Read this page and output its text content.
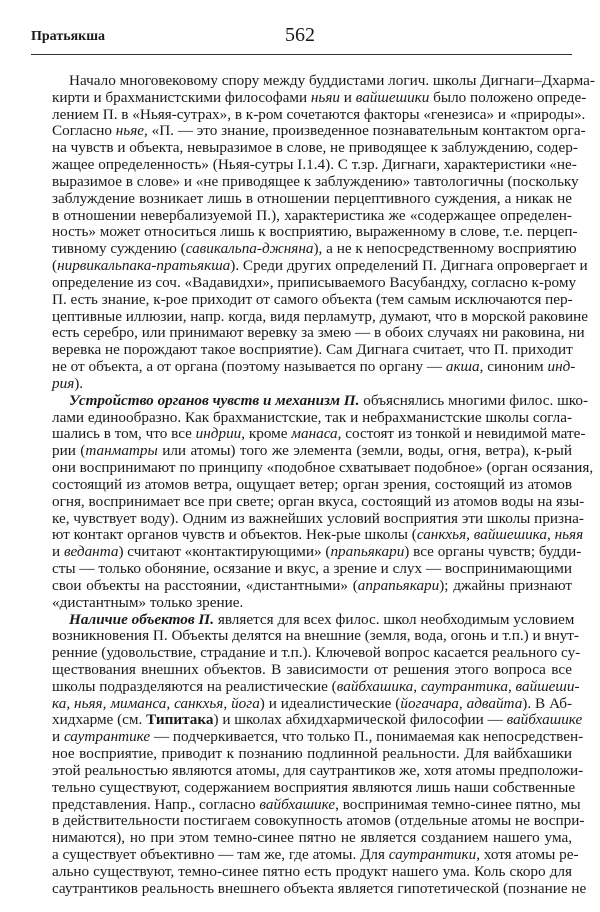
Пратьякша	562
Начало многовековому спору между буддистами логич. школы Дигнаги–Дхарма-
кирти и брахманистскими философами ньяи и вайшешики было положено опреде-
лением П. в «Ньяя-сутрах», в к-ром сочетаются факторы «генезиса» и «природы».
Согласно ньяе, «П. — это знание, произведенное познавательным контактом орга-
на чувств и объекта, невыразимое в слове, не приводящее к заблуждению, содер-
жащее определенность» (Ньяя-сутры I.1.4). С т.зр. Дигнаги, характеристики «не-
выразимое в слове» и «не приводящее к заблуждению» тавтологичны (поскольку
заблуждение возникает лишь в отношении перцептивного суждения, а никак не
в отношении невербализуемой П.), характеристика же «содержащее определен-
ность» может относиться лишь к восприятию, выраженному в слове, т.е. перцеп-
тивному суждению (савикальпа-джняна), а не к непосредственному восприятию
(нирвикальпака-пратьякша). Среди других определений П. Дигнага опровергает и
определение из соч. «Вадавидхи», приписываемого Васубандху, согласно к-рому
П. есть знание, к-рое приходит от самого объекта (тем самым исключаются пер-
цептивные иллюзии, напр. когда, видя перламутр, думают, что в морской раковине
есть серебро, или принимают веревку за змею — в обоих случаях ни раковина, ни
веревка не порождают такое восприятие). Сам Дигнага считает, что П. приходит
не от объекта, а от органа (поэтому называется по органу — акша, синоним инд-
рия).
Устройство органов чувств и механизм П. объяснялись многими филос. шко-
лами единообразно. Как брахманистские, так и небрахманистские школы согла-
шались в том, что все индрии, кроме манаса, состоят из тонкой и невидимой мате-
рии (танматры или атомы) того же элемента (земли, воды, огня, ветра), к-рый
они воспринимают по принципу «подобное схватывает подобное» (орган осязания,
состоящий из атомов ветра, ощущает ветер; орган зрения, состоящий из атомов
огня, воспринимает все при свете; орган вкуса, состоящий из атомов воды на язы-
ке, чувствует воду). Одним из важнейших условий восприятия эти школы призна-
ют контакт органов чувств и объектов. Нек-рые школы (санкхья, вайшешика, ньяя
и веданта) считают «контактирующими» (прапьякари) все органы чувств; будди-
сты — только обоняние, осязание и вкус, а зрение и слух — воспринимающими
свои объекты на расстоянии, «дистантными» (апрапьякари); джайны признают
«дистантным» только зрение.
Наличие объектов П. является для всех филос. школ необходимым условием
возникновения П. Объекты делятся на внешние (земля, вода, огонь и т.п.) и внут-
ренние (удовольствие, страдание и т.п.). Ключевой вопрос касается реального су-
ществования внешних объектов. В зависимости от решения этого вопроса все
школы подразделяются на реалистические (вайбхашика, саутрантика, вайшеши-
ка, ньяя, миманса, санкхья, йога) и идеалистические (йогачара, адвайта). В Аб-
хидхарме (см. Типитака) и школах абхидхармической философии — вайбхашике
и саутрантике — подчеркивается, что только П., понимаемая как непосредствен-
ное восприятие, приводит к познанию подлинной реальности. Для вайбхашики
этой реальностью являются атомы, для саутрантиков же, хотя атомы предположи-
тельно существуют, содержанием восприятия являются лишь наши собственные
представления. Напр., согласно вайбхашике, воспринимая темно-синее пятно, мы
в действительности постигаем совокупность атомов (отдельные атомы не воспри-
нимаются), но при этом темно-синее пятно не является созданием нашего ума,
а существует объективно — там же, где атомы. Для саутрантики, хотя атомы ре-
ально существуют, темно-синее пятно есть продукт нашего ума. Коль скоро для
саутрантиков реальность внешнего объекта является гипотетической (познание не
